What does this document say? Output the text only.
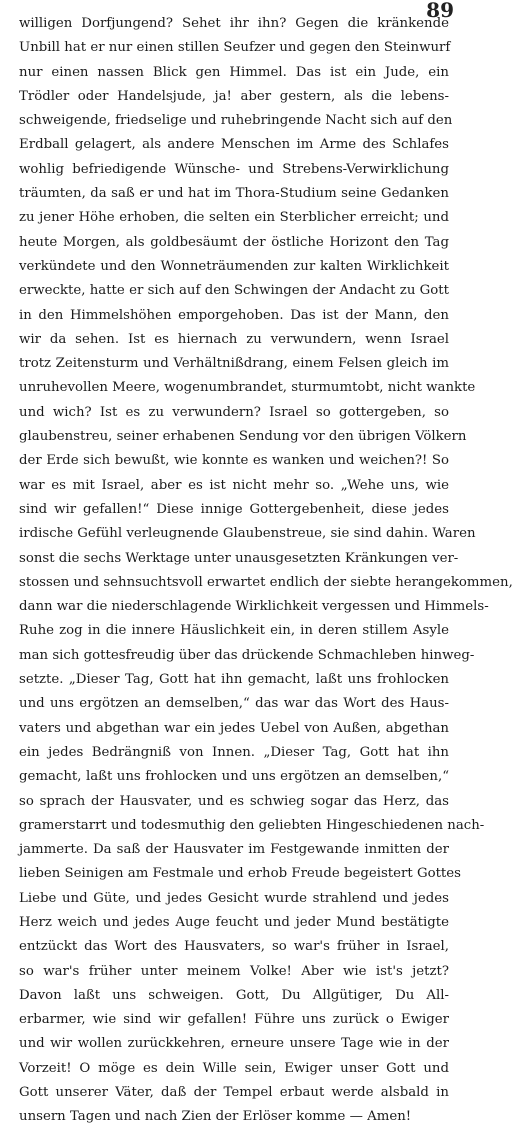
89
willigen Dorfjungend? Sehet ihr ihn? Gegen die kränkende
Unbill hat er nur einen stillen Seufzer und gegen den Steinwurf
nur einen nassen Blick gen Himmel. Das ist ein Jude, ein
Trödler oder Handelsjude, ja! aber gestern, als die lebens-
schweigende, friedselige und ruhebringende Nacht sich auf den
Erdball gelagert, als andere Menschen im Arme des Schlafes
wohlig befriedigende Wünsche- und Strebens-Verwirklichung
träumten, da saß er und hat im Thora-Studium seine Gedanken
zu jener Höhe erhoben, die selten ein Sterblicher erreicht; und
heute Morgen, als goldbesäumt der östliche Horizont den Tag
verkündete und den Wonneträumenden zur kalten Wirklichkeit
erweckte, hatte er sich auf den Schwingen der Andacht zu Gott
in den Himmelshöhen emporgehoben. Das ist der Mann, den
wir da sehen. Ist es hiernach zu verwundern, wenn Israel
trotz Zeitensturm und Verhältnißdrang, einem Felsen gleich im
unruhevollen Meere, wogenumbrandet, sturmumtobt, nicht wankte
und wich? Ist es zu verwundern? Israel so gottergeben, so
glaubenstreu, seiner erhabenen Sendung vor den übrigen Völkern
der Erde sich bewußt, wie konnte es wanken und weichen?! So
war es mit Israel, aber es ist nicht mehr so. „Wehe uns, wie
sind wir gefallen!“ Diese innige Gottergebenheit, diese jedes
irdische Gefühl verleugnende Glaubenstreue, sie sind dahin. Waren
sonst die sechs Werktage unter unausgesetzten Kränkungen ver-
stossen und sehnsuchtsvoll erwartet endlich der siebte herangekommen,
dann war die niederschlagende Wirklichkeit vergessen und Himmels-
Ruhe zog in die innere Häuslichkeit ein, in deren stillem Asyle
man sich gottesfreudig über das drückende Schmachleben hinweg-
setzte. „Dieser Tag, Gott hat ihn gemacht, laßt uns frohlocken
und uns ergötzen an demselben,“ das war das Wort des Haus-
vaters und abgethan war ein jedes Uebel von Außen, abgethan
ein jedes Bedrängniß von Innen. „Dieser Tag, Gott hat ihn
gemacht, laßt uns frohlocken und uns ergötzen an demselben,“
so sprach der Hausvater, und es schwieg sogar das Herz, das
gramerstarrt und todesmuthig den geliebten Hingeschiedenen nach-
jammerte. Da saß der Hausvater im Festgewande inmitten der
lieben Seinigen am Festmale und erhob Freude begeistert Gottes
Liebe und Güte, und jedes Gesicht wurde strahlend und jedes
Herz weich und jedes Auge feucht und jeder Mund bestätigte
entzückt das Wort des Hausvaters, so war's früher in Israel,
so war's früher unter meinem Volke! Aber wie ist's jetzt?
Davon laßt uns schweigen. Gott, Du Allgütiger, Du All-
erbarmer, wie sind wir gefallen! Führe uns zurück o Ewiger
und wir wollen zurückkehren, erneure unsere Tage wie in der
Vorzeit! O möge es dein Wille sein, Ewiger unser Gott und
Gott unserer Väter, daß der Tempel erbaut werde alsbald in
unsern Tagen und nach Zien der Erlöser komme — Amen!
